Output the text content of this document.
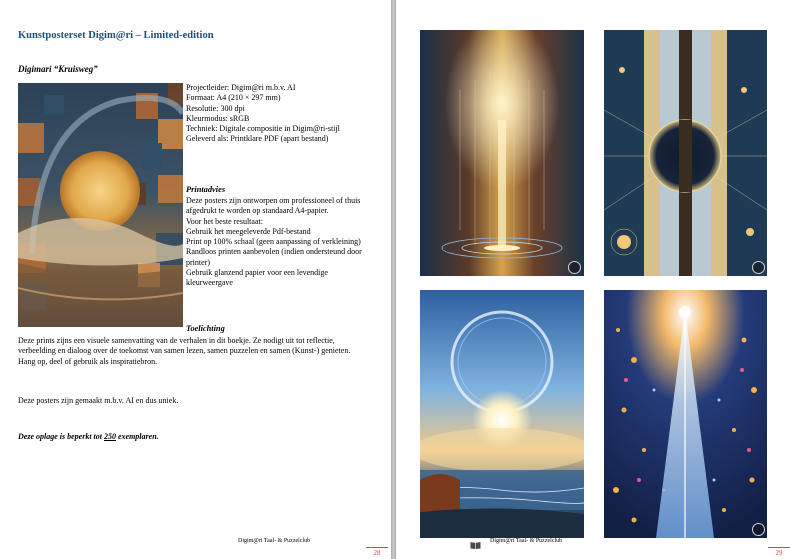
Kunstposterset Digim@ri – Limited-edition
Digimari “Kruisweg”
Projectleider: Digim@ri m.b.v. AI
Formaat: A4 (210 × 297 mm)
Resolutie: 300 dpi
Kleurmodus: sRGB
Techniek: Digitale compositie in Digim@ri-stijl
Geleverd als: Printklare PDF (apart bestand)
Printadvies
Deze posters zijn ontworpen om professioneel of thuis afgedrukt te worden op standaard A4-papier.
Voor het beste resultaat:
Gebruik het meegeleverde Pdf-bestand
Print op 100% schaal (geen aanpassing of verkleining)
Randloos printen aanbevolen (indien ondersteund door printer)
Gebruik glanzend papier voor een levendige kleurweergave
Toelichting
Deze prints zijns een visuele samenvatting van de verhalen in dit boekje. Ze nodigt uit tot reflectie, verbeelding en dialoog over de toekomst van samen lezen, samen puzzelen en samen (Kunst-) genieten.
Hang op, deel of gebruik als inspiratiebron.
Deze posters zijn gemaakt m.b.v. AI en dus uniek.
Deze oplage is beperkt tot 250 exemplaren.
Digim@ri Taal- & Puzzelclub
28
Digim@ri Taal- & Puzzelclub
29
